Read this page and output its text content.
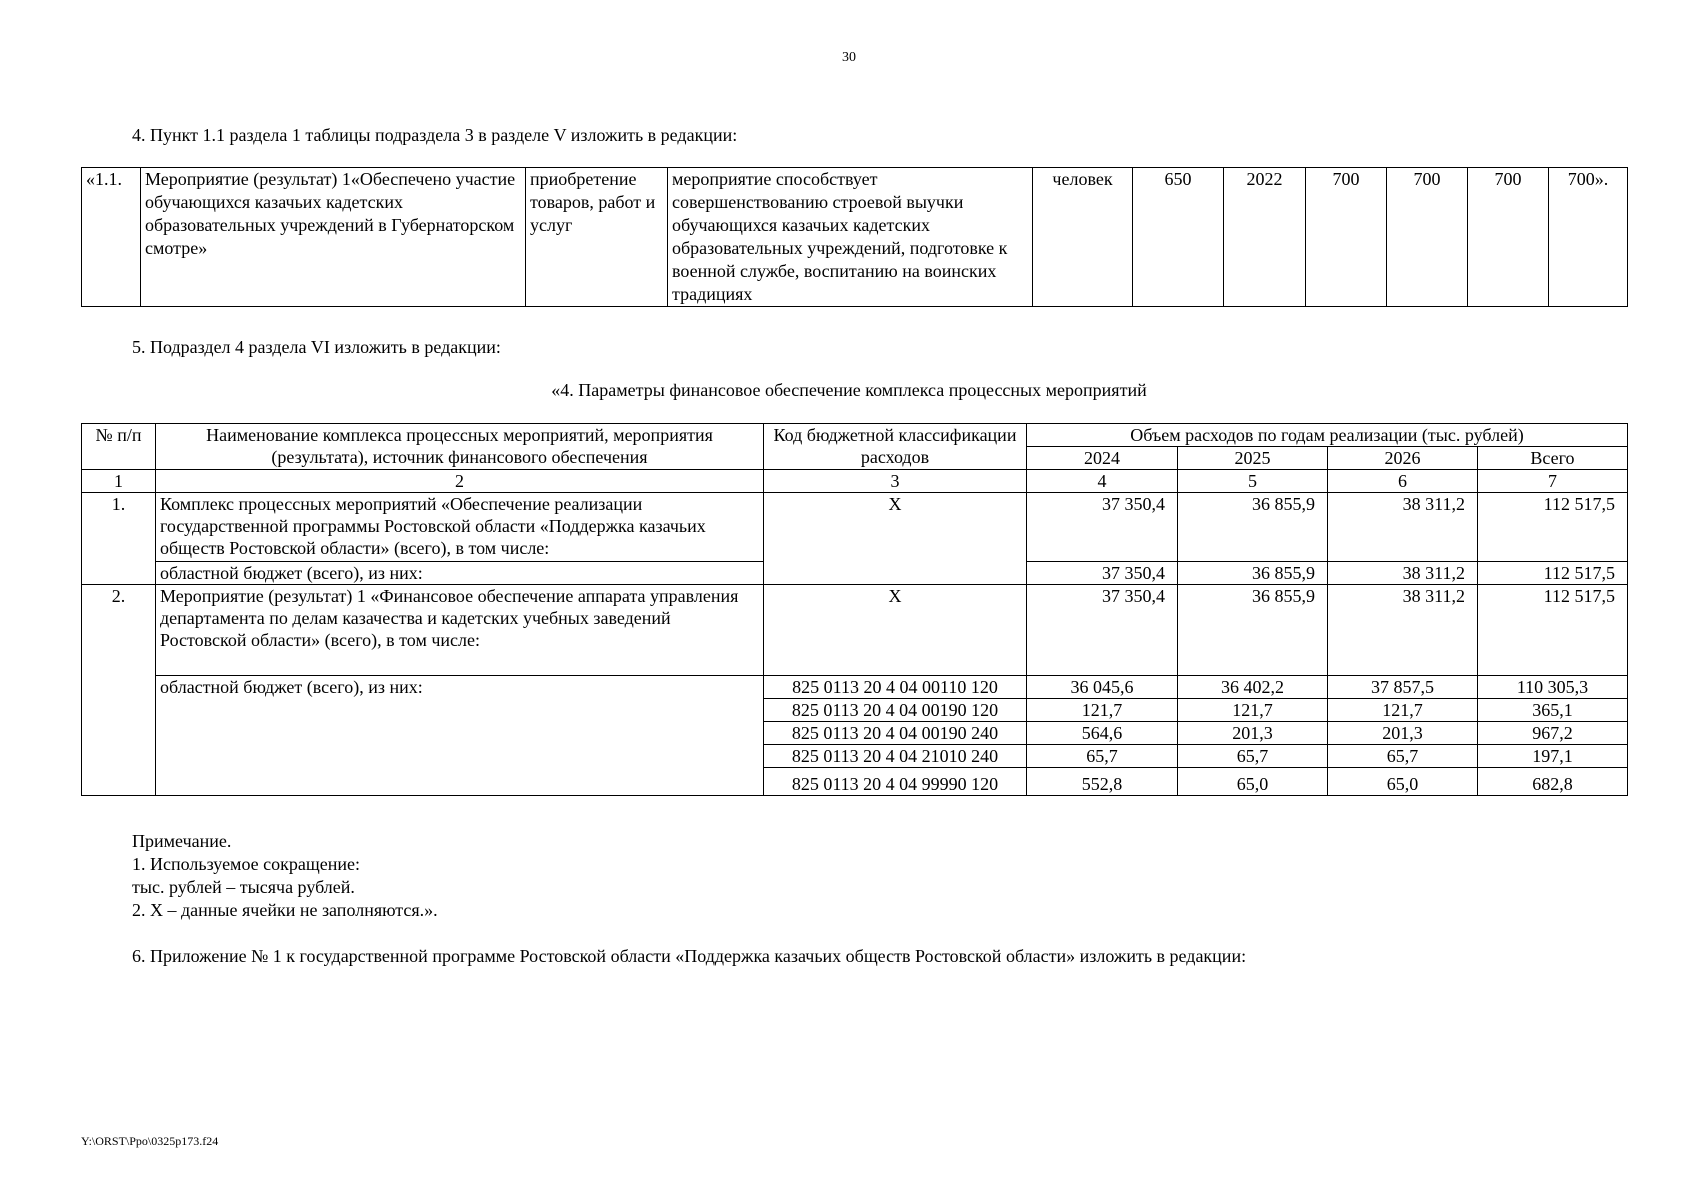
30
4. Пункт 1.1 раздела 1 таблицы подраздела 3 в разделе V изложить в редакции:
«1.1.	Мероприятие (результат) 1«Обеспечено участие обучающихся казачьих кадетских образовательных учреждений в Губернаторском смотре»	приобретение товаров, работ и услуг	мероприятие способствует совершенствованию строевой выучки обучающихся казачьих кадетских образовательных учреждений, подготовке к военной службе, воспитанию на воинских традициях	человек	650	2022	700	700	700	700».
5. Подраздел 4 раздела VI изложить в редакции:
«4. Параметры финансовое обеспечение комплекса процессных мероприятий
№ п/п	Наименование комплекса процессных мероприятий, мероприятия (результата), источник финансового обеспечения	Код бюджетной классификации расходов	Объем расходов по годам реализации (тыс. рублей)			
			2024	2025	2026	Всего
1	2	3	4	5	6	7
1.	Комплекс процессных мероприятий «Обеспечение реализации государственной программы Ростовской области «Поддержка казачьих обществ Ростовской области» (всего), в том числе:	X	37 350,4	36 855,9	38 311,2	112 517,5
	областной бюджет (всего), из них:		37 350,4	36 855,9	38 311,2	112 517,5
2.	Мероприятие (результат) 1 «Финансовое обеспечение аппарата управления департамента по делам казачества и кадетских учебных заведений Ростовской области» (всего), в том числе:	X	37 350,4	36 855,9	38 311,2	112 517,5
	областной бюджет (всего), из них:	825 0113 20 4 04 00110 120	36 045,6	36 402,2	37 857,5	110 305,3
		825 0113 20 4 04 00190 120	121,7	121,7	121,7	365,1
		825 0113 20 4 04 00190 240	564,6	201,3	201,3	967,2
		825 0113 20 4 04 21010 240	65,7	65,7	65,7	197,1
		825 0113 20 4 04 99990 120	552,8	65,0	65,0	682,8
Примечание.
1. Используемое сокращение:
тыс. рублей – тысяча рублей.
2. X – данные ячейки не заполняются.».
6. Приложение № 1 к государственной программе Ростовской области «Поддержка казачьих обществ Ростовской области» изложить в редакции:
Y:\ORST\Ppo\0325p173.f24
